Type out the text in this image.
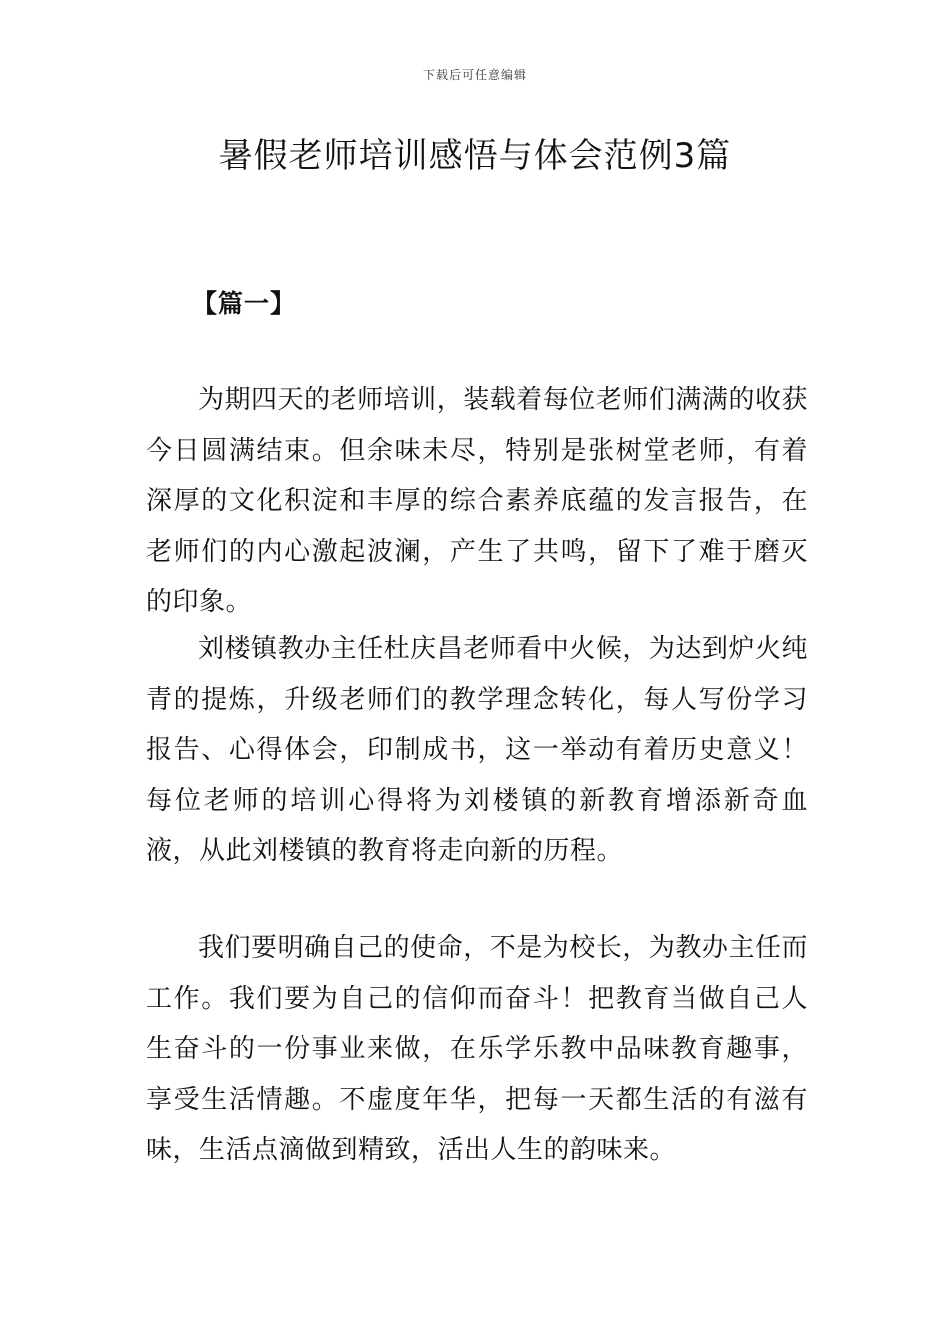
下载后可任意编辑
暑假老师培训感悟与体会范例3篇
【篇一】

为期四天的老师培训，装载着每位老师们满满的收获今日圆满结束。但余味未尽，特别是张树堂老师，有着深厚的文化积淀和丰厚的综合素养底蕴的发言报告，在老师们的内心激起波澜，产生了共鸣，留下了难于磨灭的印象。

刘楼镇教办主任杜庆昌老师看中火候，为达到炉火纯青的提炼，升级老师们的教学理念转化，每人写份学习报告、心得体会，印制成书，这一举动有着历史意义！每位老师的培训心得将为刘楼镇的新教育增添新奇血液，从此刘楼镇的教育将走向新的历程。

我们要明确自己的使命，不是为校长，为教办主任而工作。我们要为自己的信仰而奋斗！把教育当做自己人生奋斗的一份事业来做，在乐学乐教中品味教育趣事，享受生活情趣。不虚度年华，把每一天都生活的有滋有味，生活点滴做到精致，活出人生的韵味来。
